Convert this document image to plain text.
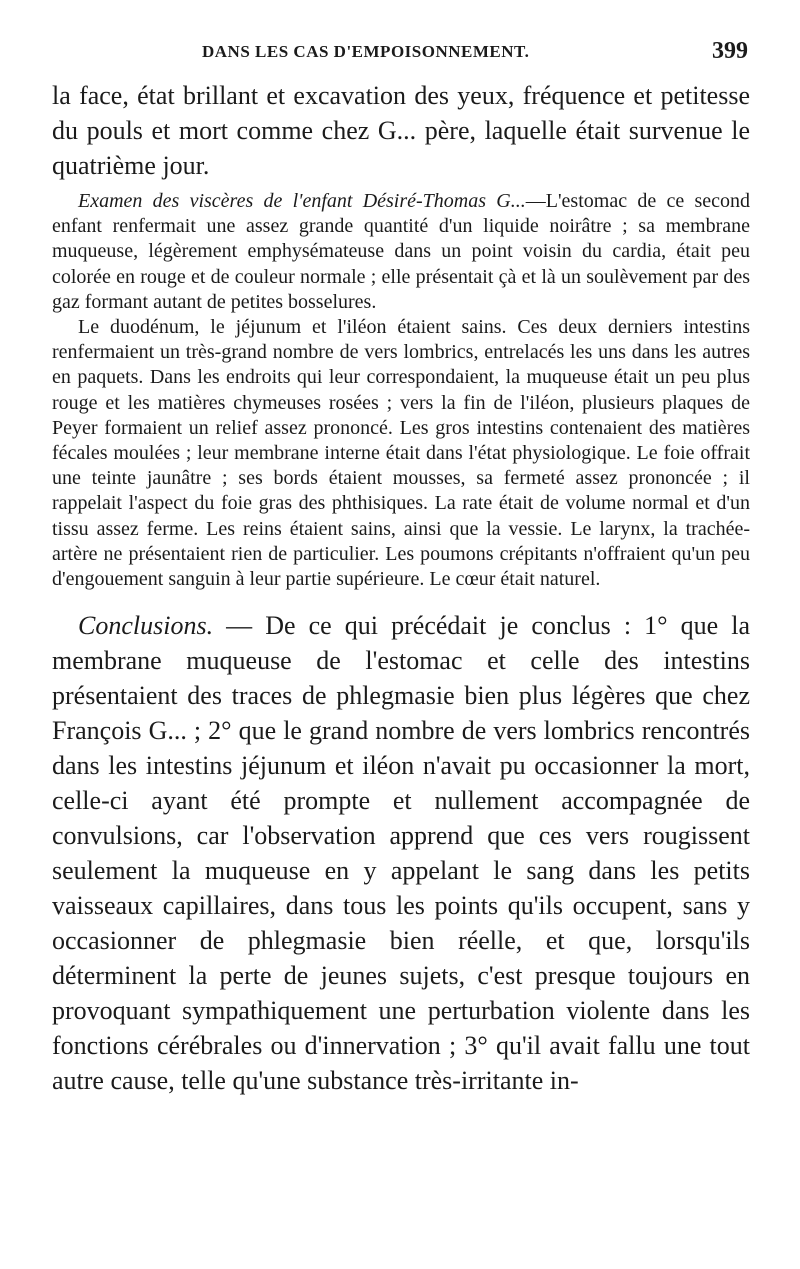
DANS LES CAS D'EMPOISONNEMENT.	399

la face, état brillant et excavation des yeux, fréquence et petitesse du pouls et mort comme chez G... père, laquelle était survenue le quatrième jour.

Examen des viscères de l'enfant Désiré-Thomas G...—L'estomac de ce second enfant renfermait une assez grande quantité d'un liquide noirâtre ; sa membrane muqueuse, légèrement emphysémateuse dans un point voisin du cardia, était peu colorée en rouge et de couleur normale ; elle présentait çà et là un soulèvement par des gaz formant autant de petites bosselures.

Le duodénum, le jéjunum et l'iléon étaient sains. Ces deux derniers intestins renfermaient un très-grand nombre de vers lombrics, entrelacés les uns dans les autres en paquets. Dans les endroits qui leur correspondaient, la muqueuse était un peu plus rouge et les matières chymeuses rosées ; vers la fin de l'iléon, plusieurs plaques de Peyer formaient un relief assez prononcé. Les gros intestins contenaient des matières fécales moulées ; leur membrane interne était dans l'état physiologique. Le foie offrait une teinte jaunâtre ; ses bords étaient mousses, sa fermeté assez prononcée ; il rappelait l'aspect du foie gras des phthisiques. La rate était de volume normal et d'un tissu assez ferme. Les reins étaient sains, ainsi que la vessie. Le larynx, la trachée-artère ne présentaient rien de particulier. Les poumons crépitants n'offraient qu'un peu d'engouement sanguin à leur partie supérieure. Le cœur était naturel.

Conclusions. — De ce qui précédait je conclus : 1° que la membrane muqueuse de l'estomac et celle des intestins présentaient des traces de phlegmasie bien plus légères que chez François G... ; 2° que le grand nombre de vers lombrics rencontrés dans les intestins jéjunum et iléon n'avait pu occasionner la mort, celle-ci ayant été prompte et nullement accompagnée de convulsions, car l'observation apprend que ces vers rougissent seulement la muqueuse en y appelant le sang dans les petits vaisseaux capillaires, dans tous les points qu'ils occupent, sans y occasionner de phlegmasie bien réelle, et que, lorsqu'ils déterminent la perte de jeunes sujets, c'est presque toujours en provoquant sympathiquement une perturbation violente dans les fonctions cérébrales ou d'innervation ; 3° qu'il avait fallu une tout autre cause, telle qu'une substance très-irritante in-
